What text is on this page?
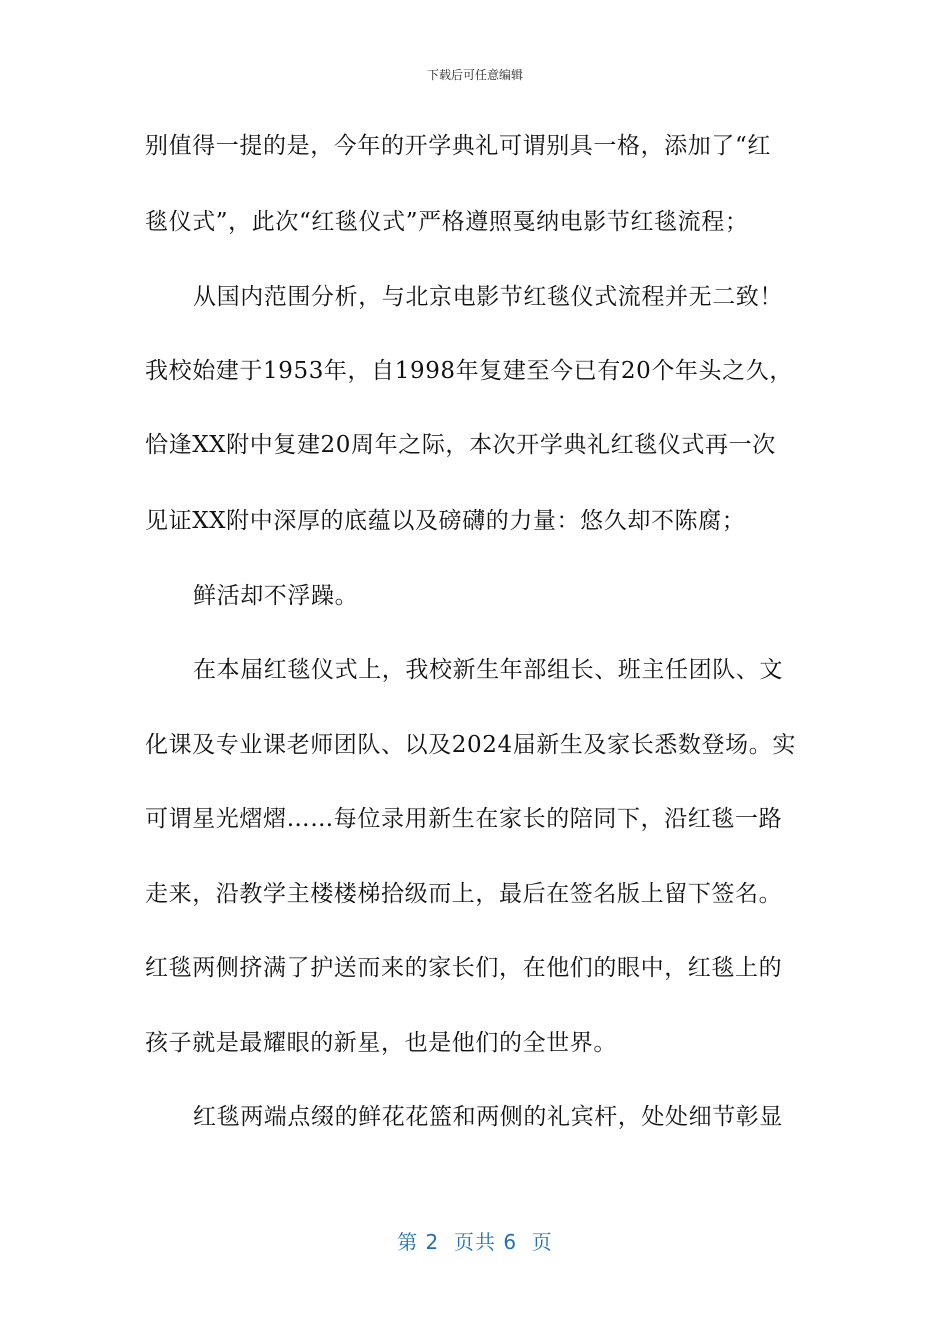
下载后可任意编辑
别值得一提的是，今年的开学典礼可谓别具一格，添加了“红
毯仪式”，此次“红毯仪式”严格遵照戛纳电影节红毯流程；
从国内范围分析，与北京电影节红毯仪式流程并无二致！
我校始建于1953年，自1998年复建至今已有20个年头之久，
恰逢XX附中复建20周年之际，本次开学典礼红毯仪式再一次
见证XX附中深厚的底蕴以及磅礴的力量：悠久却不陈腐；
鲜活却不浮躁。
在本届红毯仪式上，我校新生年部组长、班主任团队、文
化课及专业课老师团队、以及2024届新生及家长悉数登场。实
可谓星光熠熠……每位录用新生在家长的陪同下，沿红毯一路
走来，沿教学主楼楼梯拾级而上，最后在签名版上留下签名。
红毯两侧挤满了护送而来的家长们，在他们的眼中，红毯上的
孩子就是最耀眼的新星，也是他们的全世界。
红毯两端点缀的鲜花花篮和两侧的礼宾杆，处处细节彰显
第 2  页共 6  页
